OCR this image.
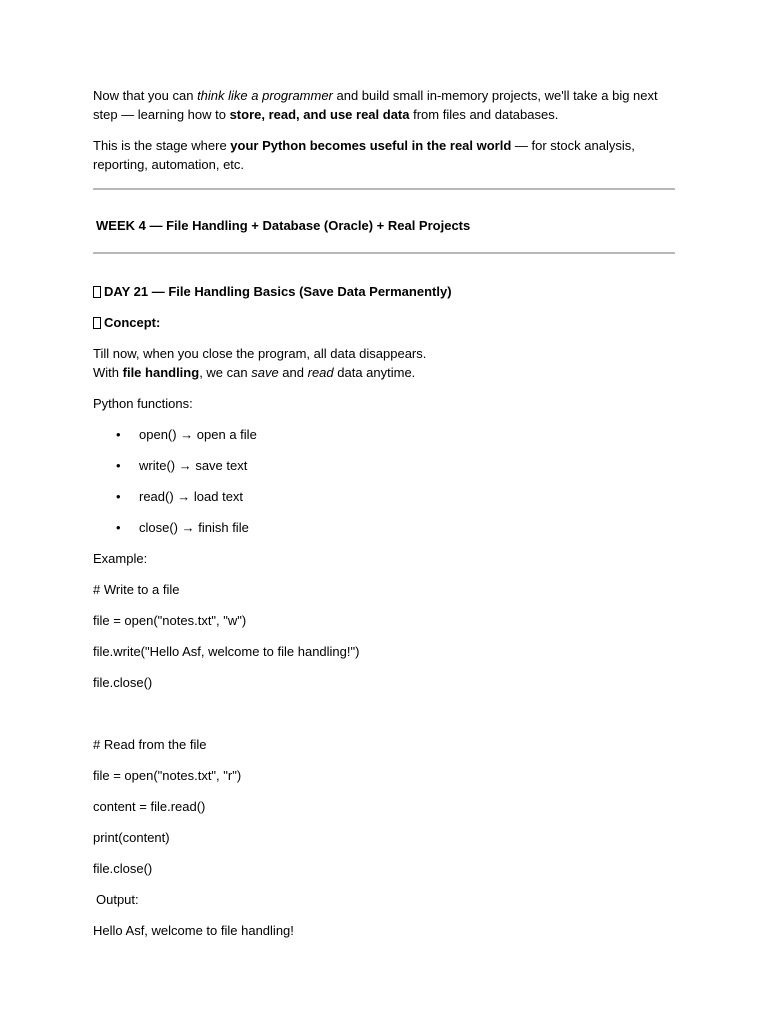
Now that you can think like a programmer and build small in-memory projects, we'll take a big next step — learning how to store, read, and use real data from files and databases.

This is the stage where your Python becomes useful in the real world — for stock analysis, reporting, automation, etc.

WEEK 4 — File Handling + Database (Oracle) + Real Projects

DAY 21 — File Handling Basics (Save Data Permanently)

Concept:

Till now, when you close the program, all data disappears.
With file handling, we can save and read data anytime.

Python functions:

• open() → open a file
• write() → save text
• read() → load text
• close() → finish file

Example:

# Write to a file

file = open("notes.txt", "w")

file.write("Hello Asf, welcome to file handling!")

file.close()

# Read from the file

file = open("notes.txt", "r")

content = file.read()

print(content)

file.close()

Output:

Hello Asf, welcome to file handling!
